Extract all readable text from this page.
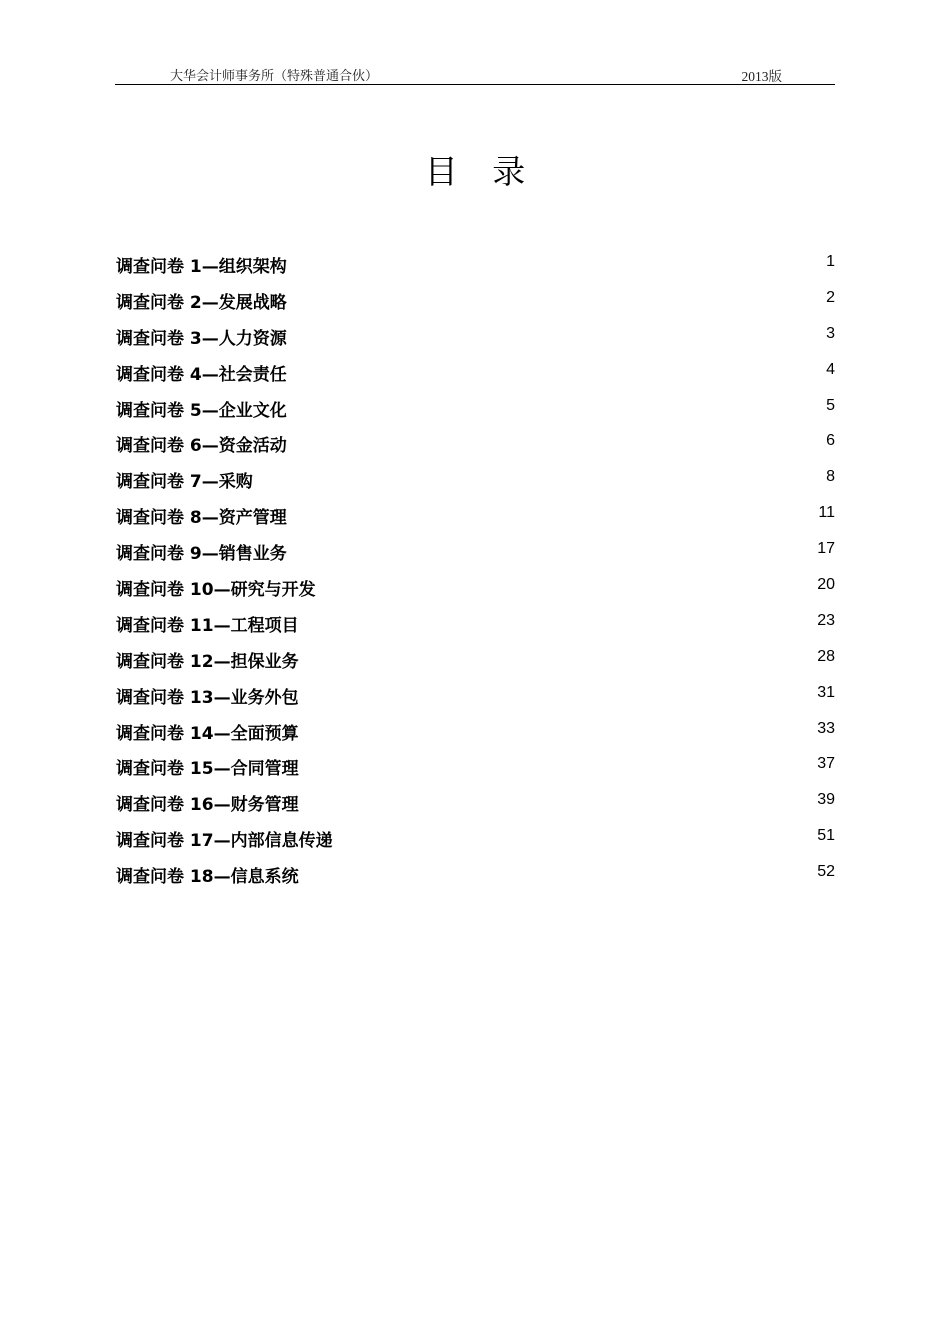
大华会计师事务所（特殊普通合伙）	2013版
目 录
调查问卷 1—组织架构	1
调查问卷 2—发展战略	2
调查问卷 3—人力资源	3
调查问卷 4—社会责任	4
调查问卷 5—企业文化	5
调查问卷 6—资金活动	6
调查问卷 7—采购	8
调查问卷 8—资产管理	11
调查问卷 9—销售业务	17
调查问卷 10—研究与开发	20
调查问卷 11—工程项目	23
调查问卷 12—担保业务	28
调查问卷 13—业务外包	31
调查问卷 14—全面预算	33
调查问卷 15—合同管理	37
调查问卷 16—财务管理	39
调查问卷 17—内部信息传递	51
调查问卷 18—信息系统	52
